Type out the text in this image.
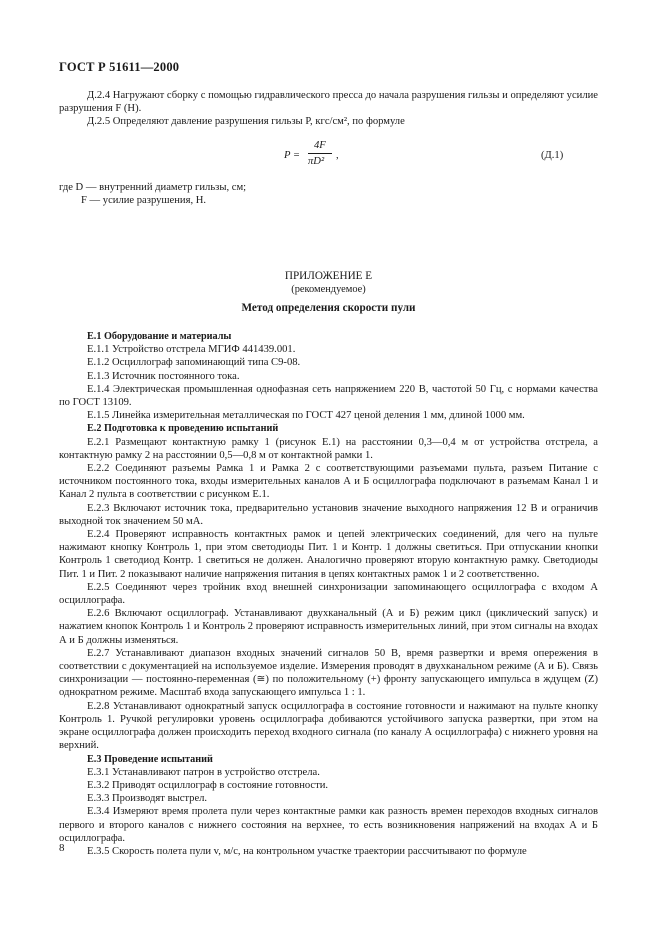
ГОСТ Р 51611—2000

Д.2.4 Нагружают сборку с помощью гидравлического пресса до начала разрушения гильзы и определяют усилие разрушения F (H).

Д.2.5 Определяют давление разрушения гильзы P, кгс/см², по формуле

P =
4F
πD²
,	(Д.1)

где D — внутренний диаметр гильзы, см;

F — усилие разрушения, Н.

ПРИЛОЖЕНИЕ Е
(рекомендуемое)
Метод определения скорости пули

Е.1 Оборудование и материалы

Е.1.1 Устройство отстрела МГИФ 441439.001.

Е.1.2 Осциллограф запоминающий типа С9-08.

Е.1.3 Источник постоянного тока.

Е.1.4 Электрическая промышленная однофазная сеть напряжением 220 В, частотой 50 Гц, с нормами качества по ГОСТ 13109.

Е.1.5 Линейка измерительная металлическая по ГОСТ 427 ценой деления 1 мм, длиной 1000 мм.

Е.2 Подготовка к проведению испытаний

Е.2.1 Размещают контактную рамку 1 (рисунок Е.1) на расстоянии 0,3—0,4 м от устройства отстрела, а контактную рамку 2 на расстоянии 0,5—0,8 м от контактной рамки 1.

Е.2.2 Соединяют разъемы Рамка 1 и Рамка 2 с соответствующими разъемами пульта, разъем Питание с источником постоянного тока, входы измерительных каналов А и Б осциллографа подключают в разъемам Канал 1 и Канал 2 пульта в соответствии с рисунком Е.1.

Е.2.3 Включают источник тока, предварительно установив значение выходного напряжения 12 В и ограничив выходной ток значением 50 мА.

Е.2.4 Проверяют исправность контактных рамок и цепей электрических соединений, для чего на пульте нажимают кнопку Контроль 1, при этом светодиоды Пит. 1 и Контр. 1 должны светиться. При отпускании кнопки Контроль 1 светодиод Контр. 1 светиться не должен. Аналогично проверяют вторую контактную рамку. Светодиоды Пит. 1 и Пит. 2 показывают наличие напряжения питания в цепях контактных рамок 1 и 2 соответственно.

Е.2.5 Соединяют через тройник вход внешней синхронизации запоминающего осциллографа с входом А осциллографа.

Е.2.6 Включают осциллограф. Устанавливают двухканальный (А и Б) режим цикл (циклический запуск) и нажатием кнопок Контроль 1 и Контроль 2 проверяют исправность измерительных линий, при этом сигналы на входах А и Б должны изменяться.

Е.2.7 Устанавливают диапазон входных значений сигналов 50 В, время развертки и время опережения в соответствии с документацией на используемое изделие. Измерения проводят в двухканальном режиме (А и Б). Связь синхронизации — постоянно-переменная (≅) по положительному (+) фронту запускающего импульса в ждущем (Z) однократном режиме. Масштаб входа запускающего импульса 1 : 1.

Е.2.8 Устанавливают однократный запуск осциллографа в состояние готовности и нажимают на пульте кнопку Контроль 1. Ручкой регулировки уровень осциллографа добиваются устойчивого запуска развертки, при этом на экране осциллографа должен происходить переход входного сигнала (по каналу А осциллографа) с нижнего уровня на верхний.

Е.3 Проведение испытаний

Е.3.1 Устанавливают патрон в устройство отстрела.

Е.3.2 Приводят осциллограф в состояние готовности.

Е.3.3 Производят выстрел.

Е.3.4 Измеряют время пролета пули через контактные рамки как разность времен переходов входных сигналов первого и второго каналов с нижнего состояния на верхнее, то есть возникновения напряжений на входах А и Б осциллографа.

Е.3.5 Скорость полета пули v, м/с, на контрольном участке траектории рассчитывают по формуле

8
